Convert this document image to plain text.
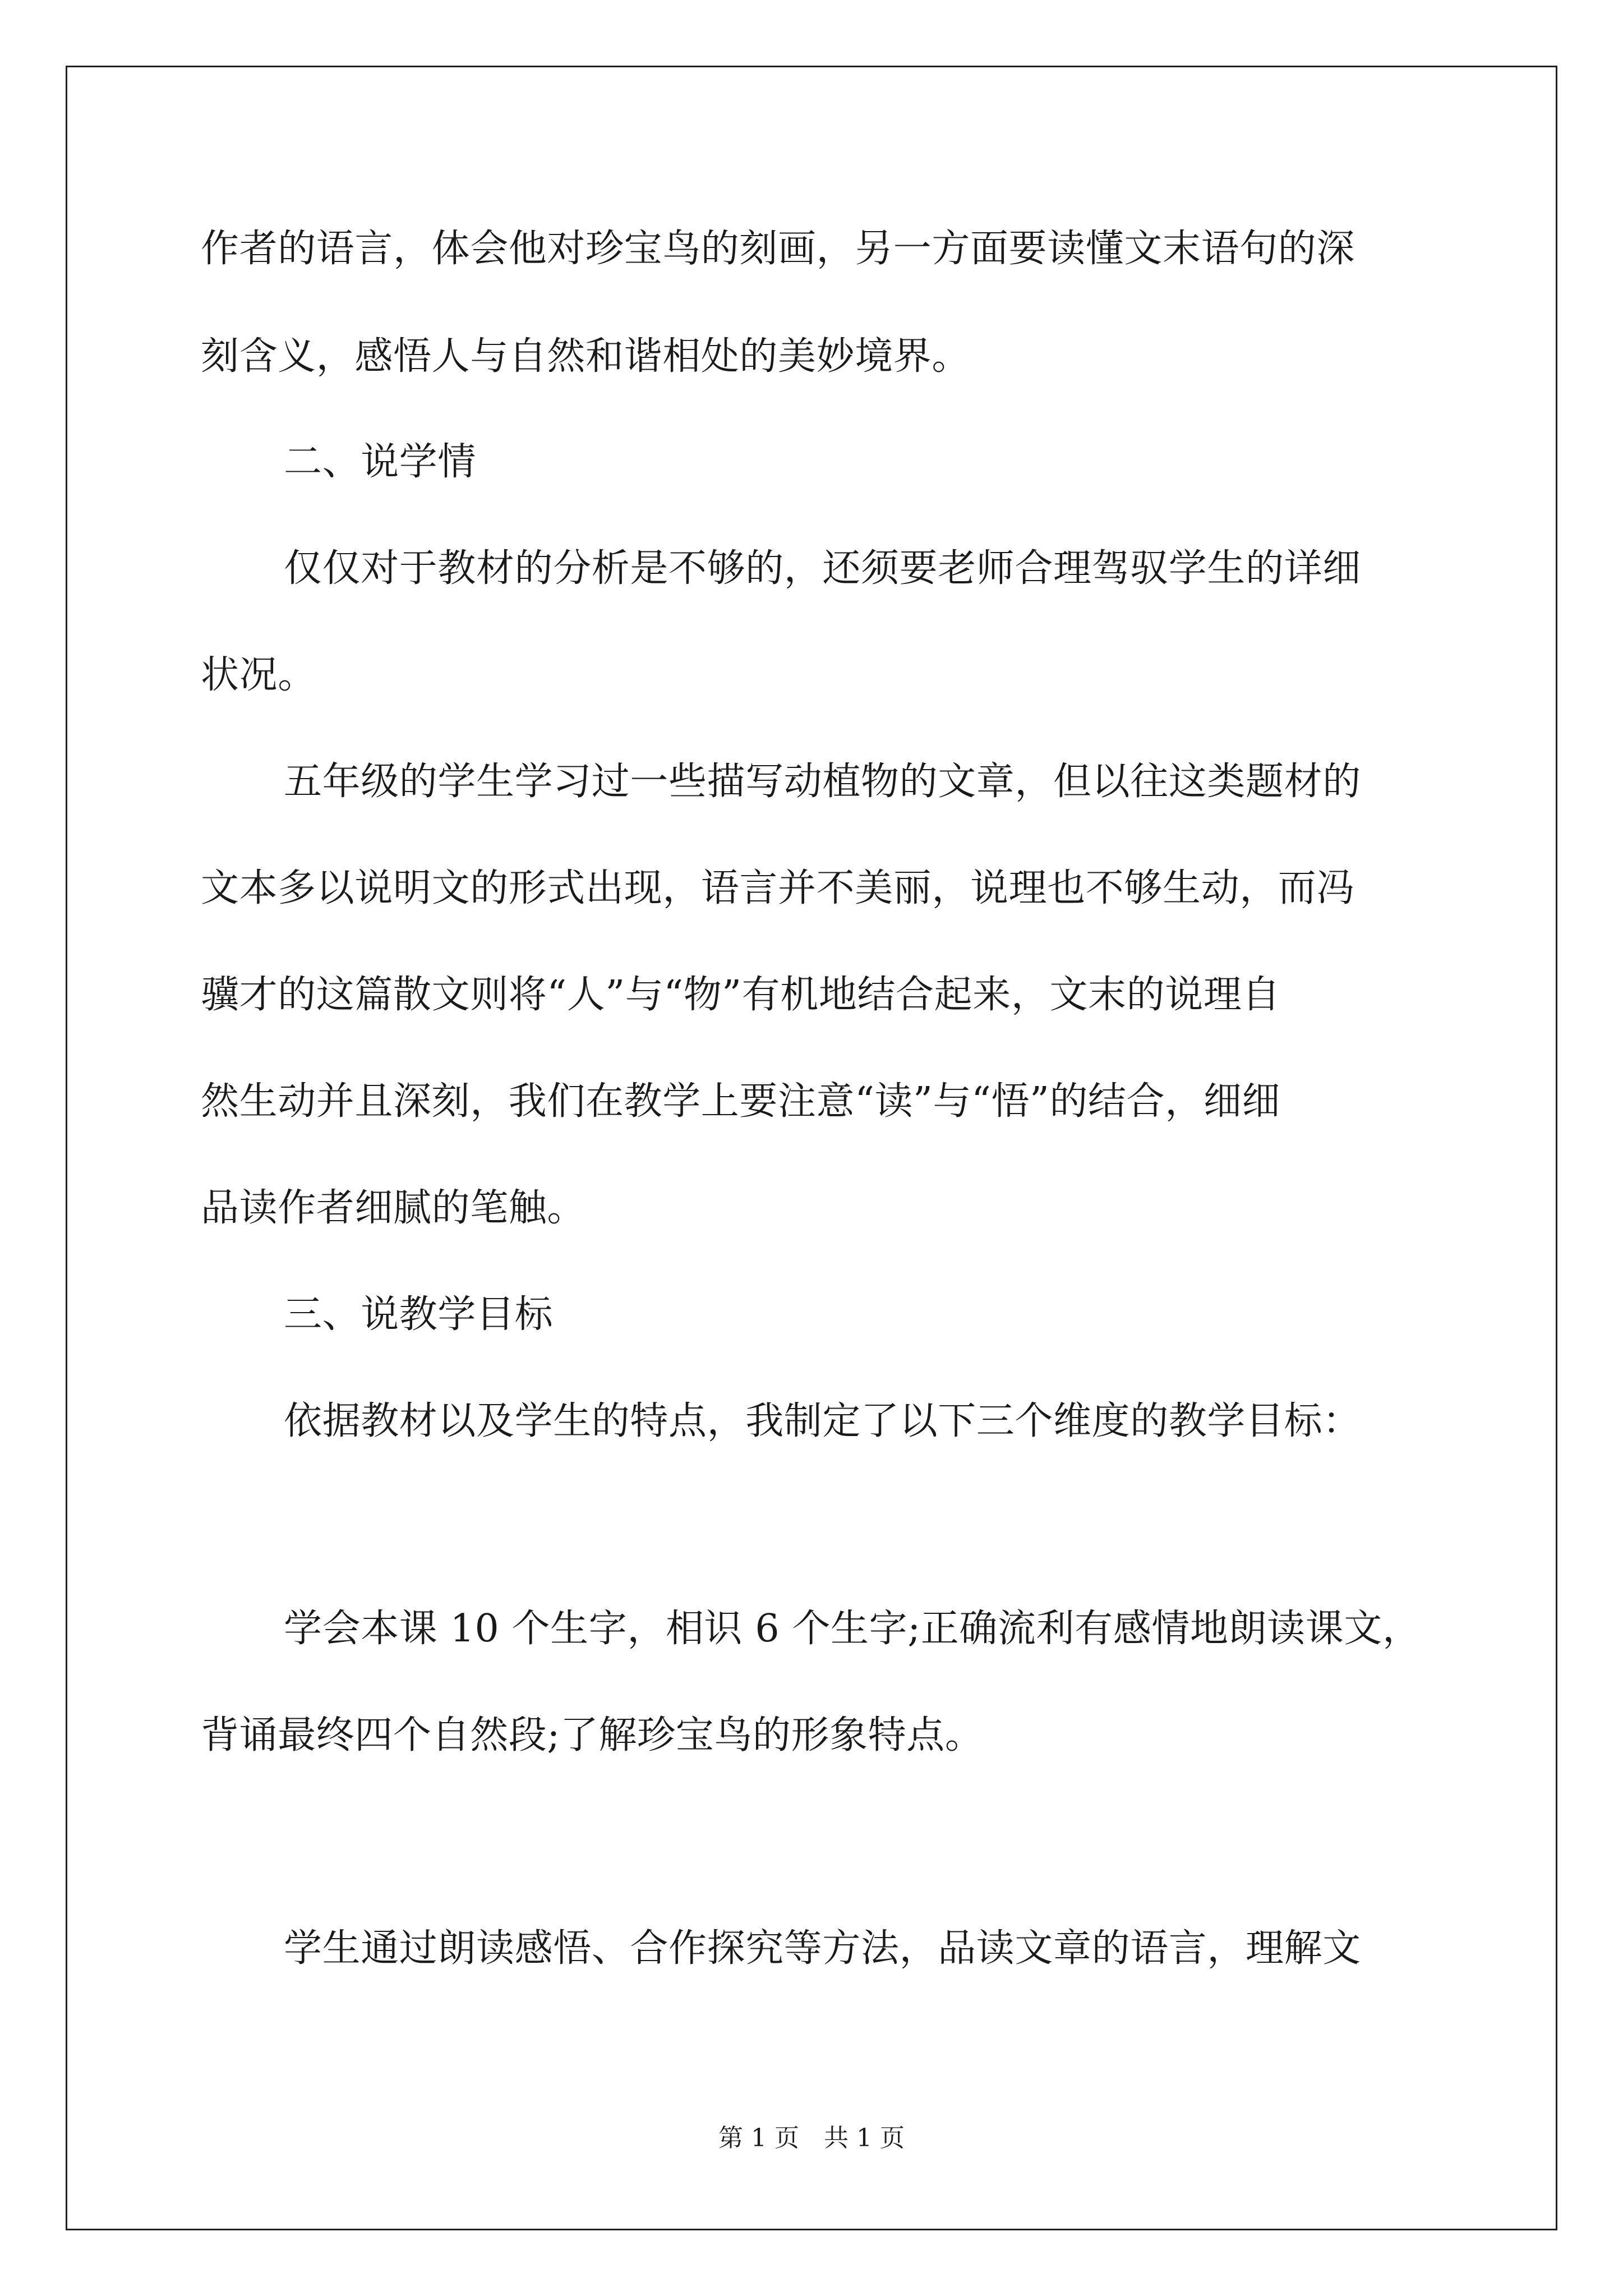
作者的语言，体会他对珍宝鸟的刻画，另一方面要读懂文末语句的深
刻含义，感悟人与自然和谐相处的美妙境界。
二、说学情
仅仅对于教材的分析是不够的，还须要老师合理驾驭学生的详细
状况。
五年级的学生学习过一些描写动植物的文章，但以往这类题材的
文本多以说明文的形式出现，语言并不美丽，说理也不够生动，而冯
骥才的这篇散文则将“人”与“物”有机地结合起来，文末的说理自
然生动并且深刻，我们在教学上要注意“读”与“悟”的结合，细细
品读作者细腻的笔触。
三、说教学目标
依据教材以及学生的特点，我制定了以下三个维度的教学目标：
学会本课 10 个生字，相识 6 个生字;正确流利有感情地朗读课文，
背诵最终四个自然段;了解珍宝鸟的形象特点。
学生通过朗读感悟、合作探究等方法，品读文章的语言，理解文
第 1 页　共 1 页
